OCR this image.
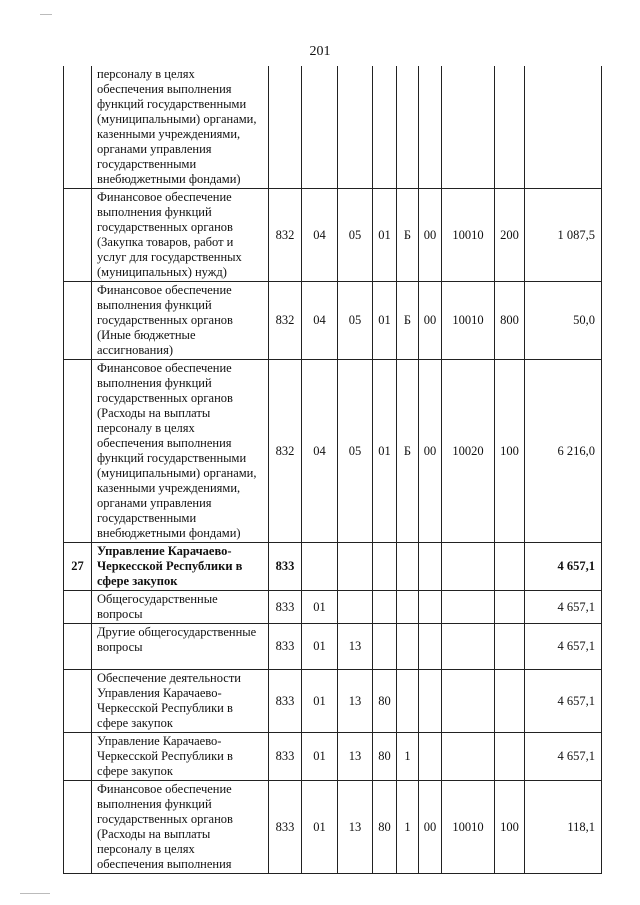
201
	персоналу в целях обеспечения выполнения функций государственными (муниципальными) органами, казенными учреждениями, органами управления государственными внебюджетными фондами)									
	Финансовое обеспечение выполнения функций государственных органов (Закупка товаров, работ и услуг для государственных (муниципальных) нужд)	832	04	05	01	Б	00	10010	200	1 087,5
	Финансовое обеспечение выполнения функций государственных органов (Иные бюджетные ассигнования)	832	04	05	01	Б	00	10010	800	50,0
	Финансовое обеспечение выполнения функций государственных органов (Расходы на выплаты персоналу в целях обеспечения выполнения функций государственными (муниципальными) органами, казенными учреждениями, органами управления государственными внебюджетными фондами)	832	04	05	01	Б	00	10020	100	6 216,0
27	Управление Карачаево-Черкесской Республики в сфере закупок	833								4 657,1
	Общегосударственные вопросы	833	01							4 657,1
	Другие общегосударственные вопросы	833	01	13						4 657,1
	Обеспечение деятельности Управления Карачаево-Черкесской Республики в сфере закупок	833	01	13	80					4 657,1
	Управление Карачаево-Черкесской Республики в сфере закупок	833	01	13	80	1				4 657,1
	Финансовое обеспечение выполнения функций государственных органов (Расходы на выплаты персоналу в целях обеспечения выполнения	833	01	13	80	1	00	10010	100	118,1
